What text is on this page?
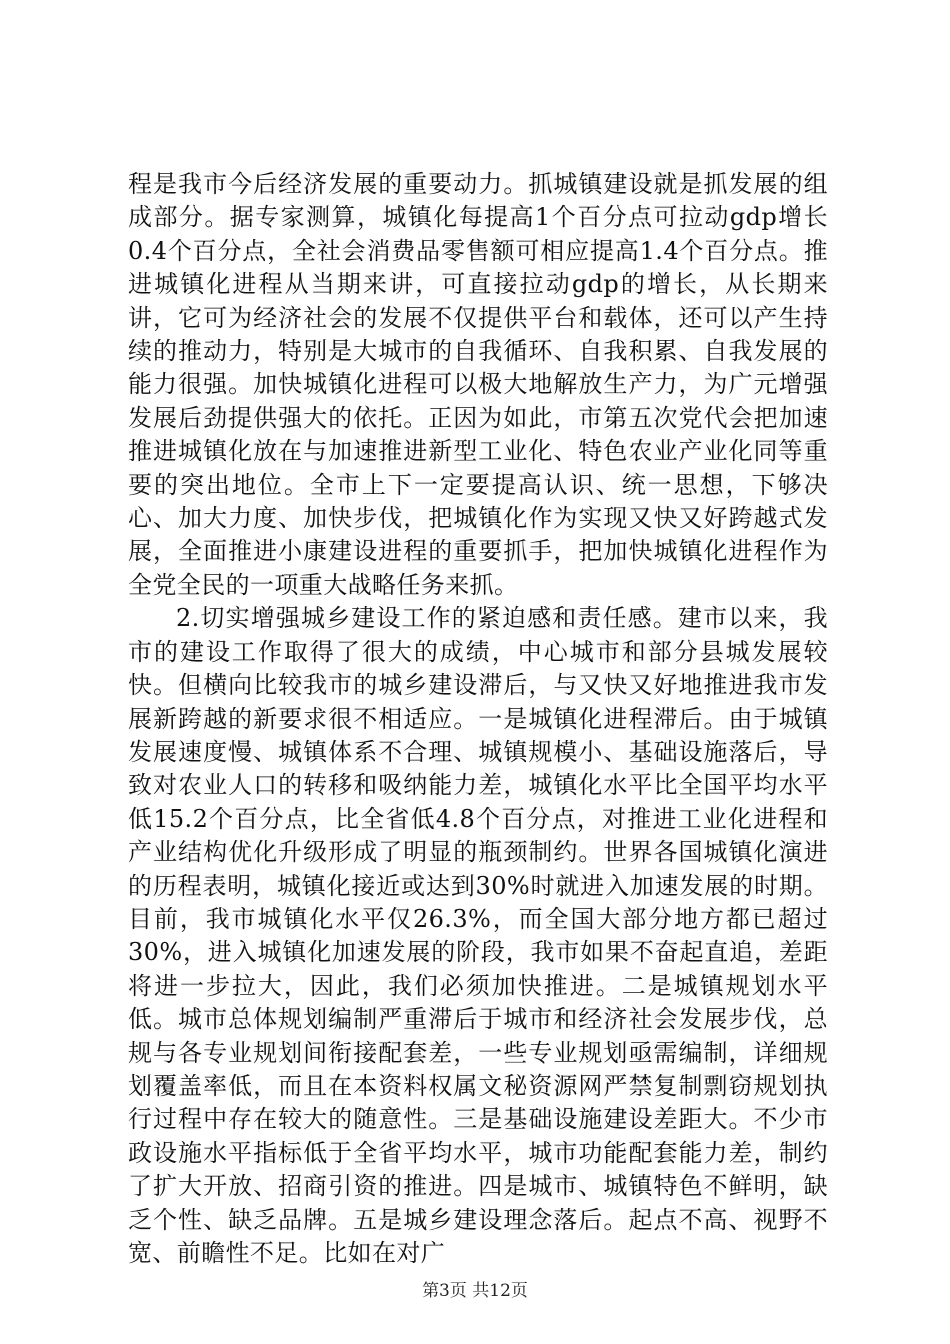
程是我市今后经济发展的重要动力。抓城镇建设就是抓发展的组成部分。据专家测算，城镇化每提高1个百分点可拉动gdp增长0.4个百分点，全社会消费品零售额可相应提高1.4个百分点。推进城镇化进程从当期来讲，可直接拉动gdp的增长，从长期来讲，它可为经济社会的发展不仅提供平台和载体，还可以产生持续的推动力，特别是大城市的自我循环、自我积累、自我发展的能力很强。加快城镇化进程可以极大地解放生产力，为广元增强发展后劲提供强大的依托。正因为如此，市第五次党代会把加速推进城镇化放在与加速推进新型工业化、特色农业产业化同等重要的突出地位。全市上下一定要提高认识、统一思想，下够决心、加大力度、加快步伐，把城镇化作为实现又快又好跨越式发展，全面推进小康建设进程的重要抓手，把加快城镇化进程作为全党全民的一项重大战略任务来抓。

2.切实增强城乡建设工作的紧迫感和责任感。建市以来，我市的建设工作取得了很大的成绩，中心城市和部分县城发展较快。但横向比较我市的城乡建设滞后，与又快又好地推进我市发展新跨越的新要求很不相适应。一是城镇化进程滞后。由于城镇发展速度慢、城镇体系不合理、城镇规模小、基础设施落后，导致对农业人口的转移和吸纳能力差，城镇化水平比全国平均水平低15.2个百分点，比全省低4.8个百分点，对推进工业化进程和产业结构优化升级形成了明显的瓶颈制约。世界各国城镇化演进的历程表明，城镇化接近或达到30%时就进入加速发展的时期。目前，我市城镇化水平仅26.3%，而全国大部分地方都已超过30%，进入城镇化加速发展的阶段，我市如果不奋起直追，差距将进一步拉大，因此，我们必须加快推进。二是城镇规划水平低。城市总体规划编制严重滞后于城市和经济社会发展步伐，总规与各专业规划间衔接配套差，一些专业规划亟需编制，详细规划覆盖率低，而且在本资料权属文秘资源网严禁复制剽窃规划执行过程中存在较大的随意性。三是基础设施建设差距大。不少市政设施水平指标低于全省平均水平，城市功能配套能力差，制约了扩大开放、招商引资的推进。四是城市、城镇特色不鲜明，缺乏个性、缺乏品牌。五是城乡建设理念落后。起点不高、视野不宽、前瞻性不足。比如在对广

第3页 共12页
